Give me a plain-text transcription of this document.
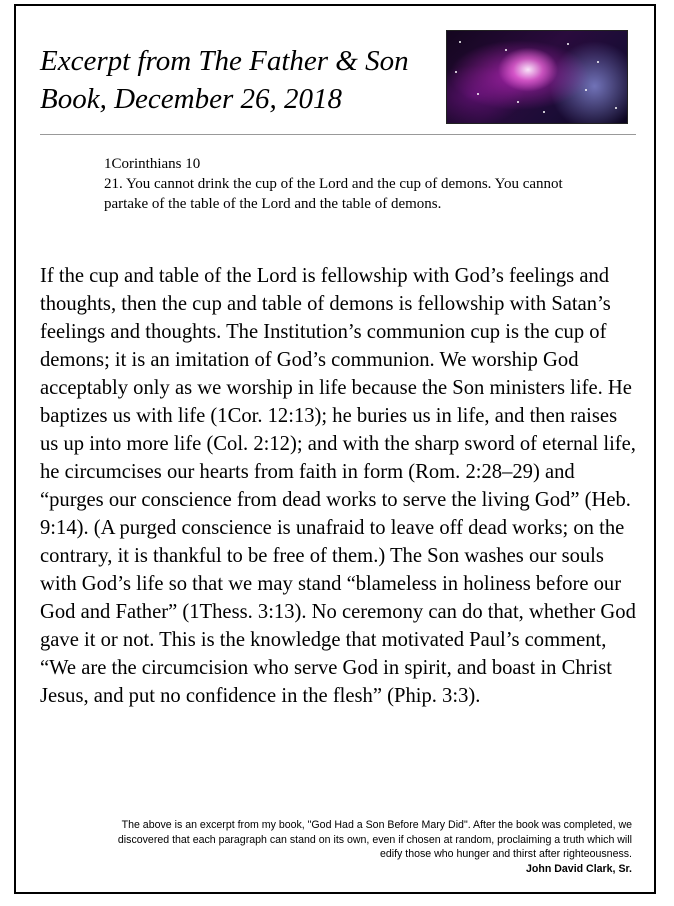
Excerpt from The Father & Son Book, December 26, 2018

1Corinthians 10

21. You cannot drink the cup of the Lord and the cup of demons. You cannot partake of the table of the Lord and the table of demons.

If the cup and table of the Lord is fellowship with God’s feelings and thoughts, then the cup and table of demons is fellowship with Satan’s feelings and thoughts. The Institution’s communion cup is the cup of demons; it is an imitation of God’s communion. We worship God acceptably only as we worship in life because the Son ministers life. He baptizes us with life (1Cor. 12:13); he buries us in life, and then raises us up into more life (Col. 2:12); and with the sharp sword of eternal life, he circumcises our hearts from faith in form (Rom. 2:28–29) and “purges our conscience from dead works to serve the living God” (Heb. 9:14). (A purged conscience is unafraid to leave off dead works; on the contrary, it is thankful to be free of them.) The Son washes our souls with God’s life so that we may stand “blameless in holiness before our God and Father” (1Thess. 3:13). No ceremony can do that, whether God gave it or not. This is the knowledge that motivated Paul’s comment, “We are the circumcision who serve God in spirit, and boast in Christ Jesus, and put no confidence in the flesh” (Phip. 3:3).

The above is an excerpt from my book, "God Had a Son Before Mary Did". After the book was completed, we discovered that each paragraph can stand on its own, even if chosen at random, proclaiming a truth which will edify those who hunger and thirst after righteousness.

John David Clark, Sr.
